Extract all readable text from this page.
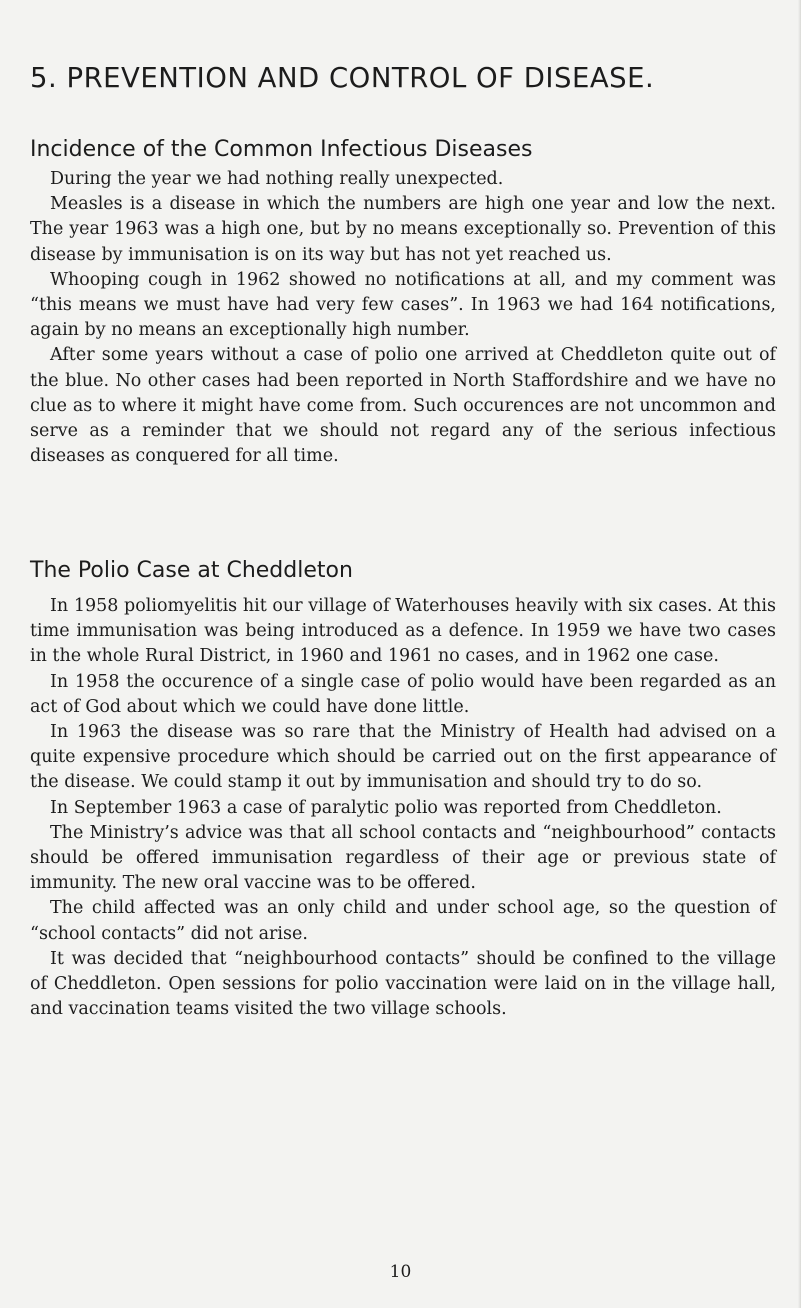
5. PREVENTION AND CONTROL OF DISEASE.
Incidence of the Common Infectious Diseases

During the year we had nothing really unexpected.

Measles is a disease in which the numbers are high one year and low the next. The year 1963 was a high one, but by no means exceptionally so. Prevention of this disease by immunisation is on its way but has not yet reached us.

Whooping cough in 1962 showed no notifications at all, and my comment was “this means we must have had very few cases”. In 1963 we had 164 notifications, again by no means an exceptionally high number.

After some years without a case of polio one arrived at Cheddleton quite out of the blue. No other cases had been reported in North Staffordshire and we have no clue as to where it might have come from. Such occurences are not uncommon and serve as a reminder that we should not regard any of the serious infectious diseases as conquered for all time.

The Polio Case at Cheddleton

In 1958 poliomyelitis hit our village of Waterhouses heavily with six cases. At this time immunisation was being introduced as a defence. In 1959 we have two cases in the whole Rural District, in 1960 and 1961 no cases, and in 1962 one case.

In 1958 the occurence of a single case of polio would have been regarded as an act of God about which we could have done little.

In 1963 the disease was so rare that the Ministry of Health had advised on a quite expensive procedure which should be carried out on the first appearance of the disease. We could stamp it out by immunisation and should try to do so.

In September 1963 a case of paralytic polio was reported from Cheddleton.

The Ministry’s advice was that all school contacts and “neighbourhood” contacts should be offered immunisation regardless of their age or previous state of immunity. The new oral vaccine was to be offered.

The child affected was an only child and under school age, so the question of “school contacts” did not arise.

It was decided that “neighbourhood contacts” should be confined to the village of Cheddleton. Open sessions for polio vaccination were laid on in the village hall, and vaccination teams visited the two village schools.

10
